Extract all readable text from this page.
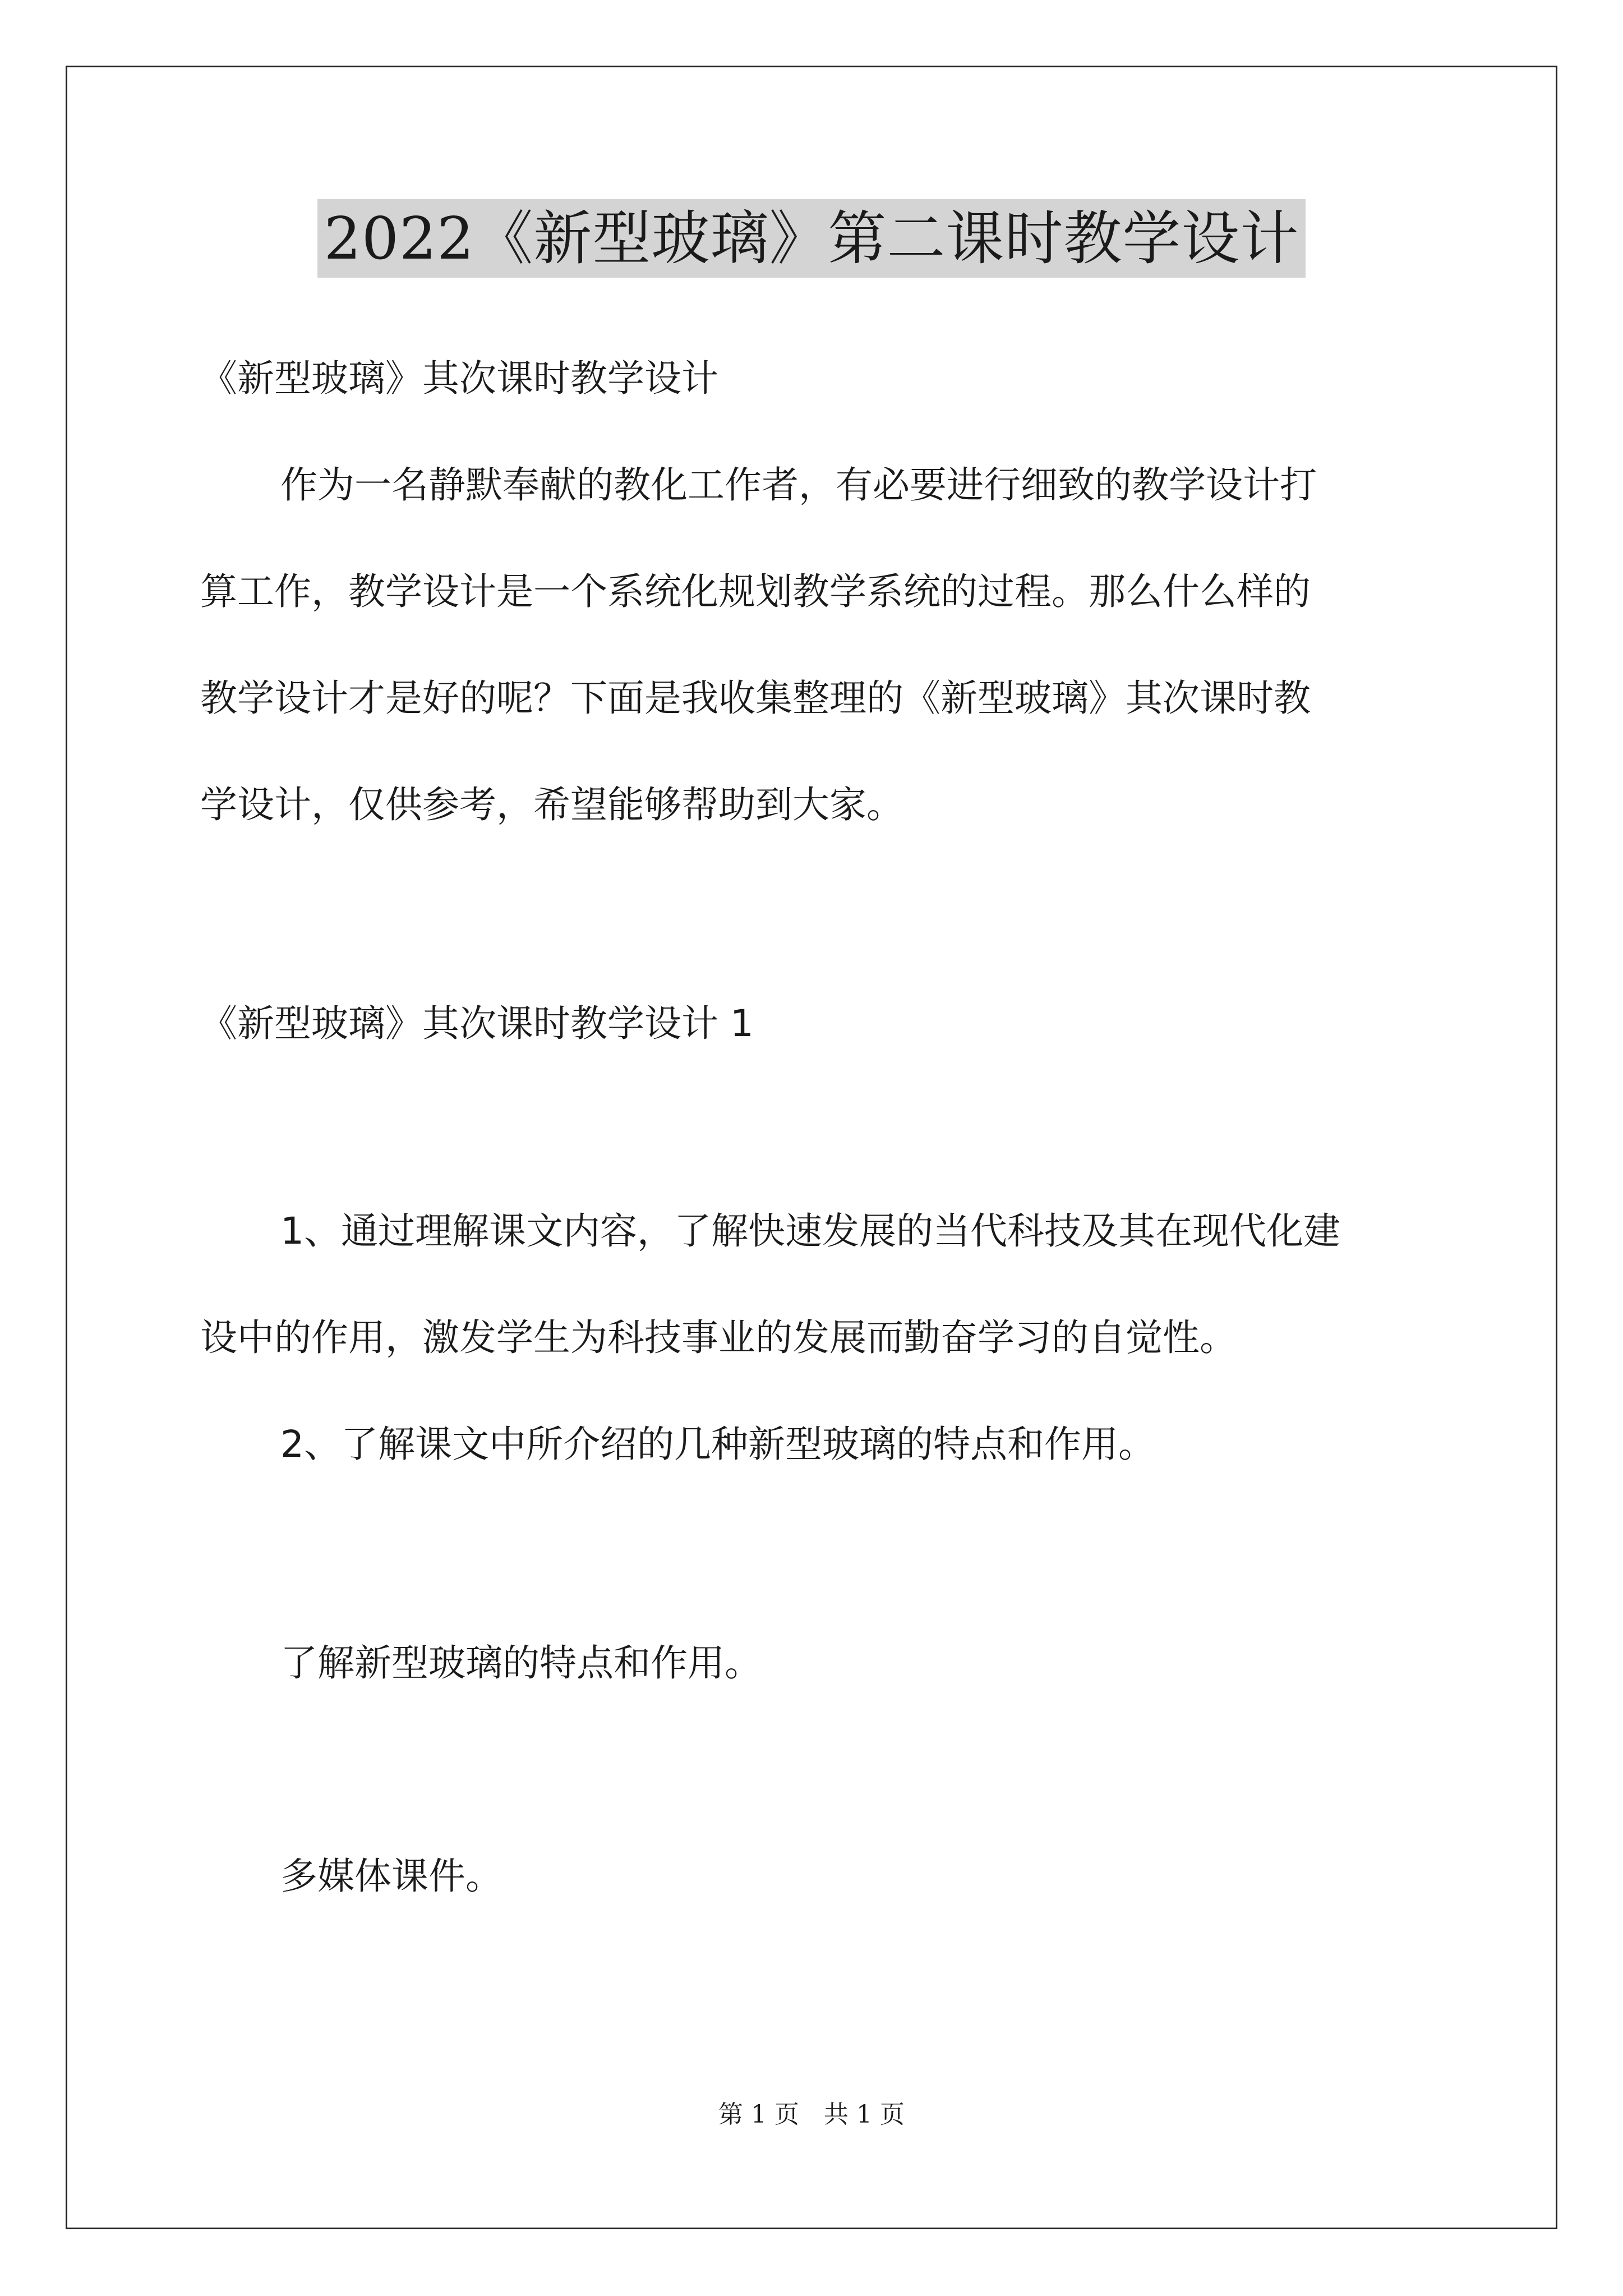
2022《新型玻璃》第二课时教学设计
《新型玻璃》其次课时教学设计
作为一名静默奉献的教化工作者，有必要进行细致的教学设计打
算工作，教学设计是一个系统化规划教学系统的过程。那么什么样的
教学设计才是好的呢？下面是我收集整理的《新型玻璃》其次课时教
学设计，仅供参考，希望能够帮助到大家。
《新型玻璃》其次课时教学设计 1
1、通过理解课文内容，了解快速发展的当代科技及其在现代化建
设中的作用，激发学生为科技事业的发展而勤奋学习的自觉性。
2、了解课文中所介绍的几种新型玻璃的特点和作用。
了解新型玻璃的特点和作用。
多媒体课件。
第 1 页　共 1 页
